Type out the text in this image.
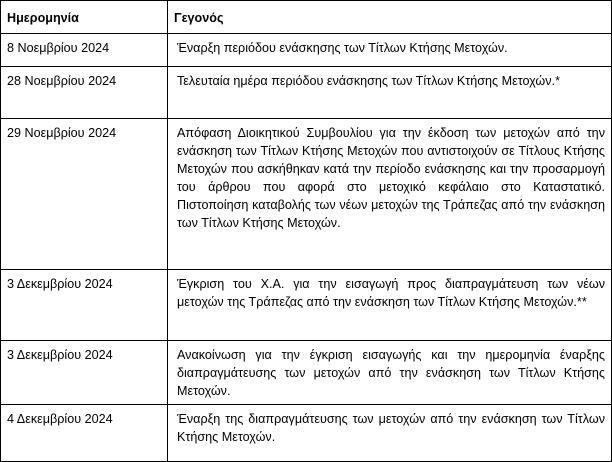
Ημερομηνία	Γεγονός
8 Νοεμβρίου 2024	Έναρξη περιόδου ενάσκησης των Τίτλων Κτήσης Μετοχών.
28 Νοεμβρίου 2024	Τελευταία ημέρα περιόδου ενάσκησης των Τίτλων Κτήσης Μετοχών.*
29 Νοεμβρίου 2024	Απόφαση Διοικητικού Συμβουλίου για την έκδοση των μετοχών από την ενάσκηση των Τίτλων Κτήσης Μετοχών που αντιστοιχούν σε Τίτλους Κτήσης Μετοχών που ασκήθηκαν κατά την περίοδο ενάσκησης και την προσαρμογή του άρθρου που αφορά στο μετοχικό κεφάλαιο στο Καταστατικό. Πιστοποίηση καταβολής των νέων μετοχών της Τράπεζας από την ενάσκηση των Τίτλων Κτήσης Μετοχών.
3 Δεκεμβρίου 2024	Έγκριση του Χ.Α. για την εισαγωγή προς διαπραγμάτευση των νέων μετοχών της Τράπεζας από την ενάσκηση των Τίτλων Κτήσης Μετοχών.**
3 Δεκεμβρίου 2024	Ανακοίνωση για την έγκριση εισαγωγής και την ημερομηνία έναρξης διαπραγμάτευσης των μετοχών από την ενάσκηση των Τίτλων Κτήσης Μετοχών.
4 Δεκεμβρίου 2024	Έναρξη της διαπραγμάτευσης των μετοχών από την ενάσκηση των Τίτλων Κτήσης Μετοχών.
